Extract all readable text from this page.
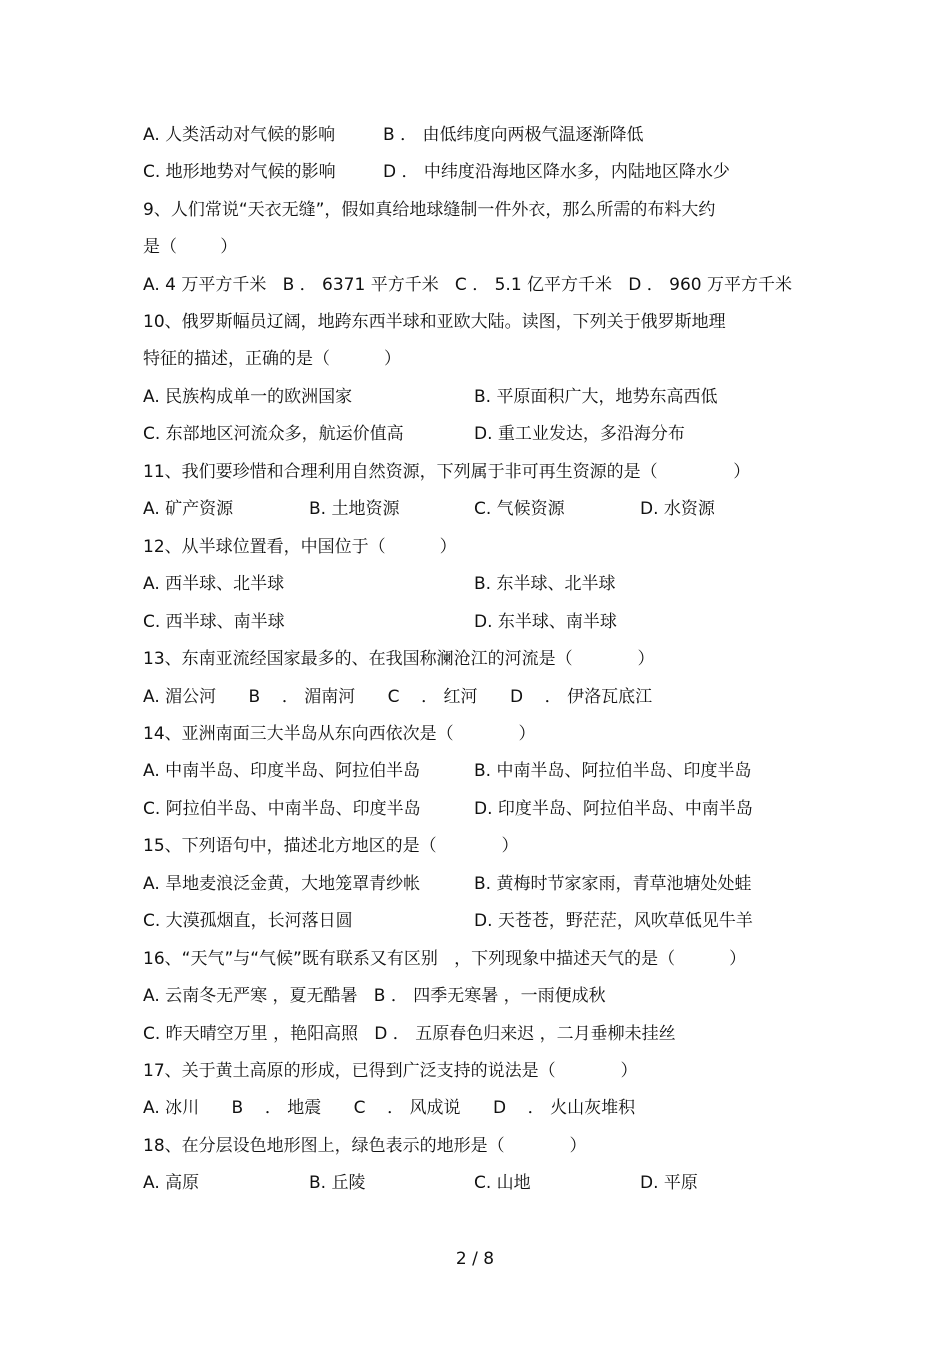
A. 人类活动对气候的影响	B ． 由低纬度向两极气温逐渐降低
C. 地形地势对气候的影响	D ． 中纬度沿海地区降水多，内陆地区降水少
9、人们常说“天衣无缝”，假如真给地球缝制一件外衣，那么所需的布料大约
是（        ）
A. 4 万平方千米   B ． 6371 平方千米   C ． 5.1 亿平方千米   D ． 960 万平方千米
10、俄罗斯幅员辽阔，地跨东西半球和亚欧大陆。读图，下列关于俄罗斯地理
特征的描述，正确的是（          ）
A. 民族构成单一的欧洲国家	B. 平原面积广大，地势东高西低
C. 东部地区河流众多，航运价值高	D. 重工业发达，多沿海分布
11、我们要珍惜和合理利用自然资源，下列属于非可再生资源的是（              ）
A. 矿产资源	B. 土地资源	C. 气候资源	D. 水资源
12、从半球位置看，中国位于（          ）
A. 西半球、北半球	B. 东半球、北半球
C. 西半球、南半球	D. 东半球、南半球
13、东南亚流经国家最多的、在我国称澜沧江的河流是（            ）
A. 湄公河      B    ． 湄南河      C    ． 红河      D    ． 伊洛瓦底江
14、亚洲南面三大半岛从东向西依次是（            ）
A. 中南半岛、印度半岛、阿拉伯半岛	B. 中南半岛、阿拉伯半岛、印度半岛
C. 阿拉伯半岛、中南半岛、印度半岛	D. 印度半岛、阿拉伯半岛、中南半岛
15、下列语句中，描述北方地区的是（            ）
A. 旱地麦浪泛金黄，大地笼罩青纱帐	B. 黄梅时节家家雨，青草池塘处处蛙
C. 大漠孤烟直，长河落日圆	D. 天苍苍，野茫茫，风吹草低见牛羊
16、“天气”与“气候”既有联系又有区别   ，下列现象中描述天气的是（          ）
A. 云南冬无严寒 ，夏无酷暑   B ． 四季无寒暑 ，一雨便成秋
C. 昨天晴空万里 ，艳阳高照   D ． 五原春色归来迟 ，二月垂柳未挂丝
17、关于黄土高原的形成，已得到广泛支持的说法是（            ）
A. 冰川      B    ． 地震      C    ． 风成说      D    ． 火山灰堆积
18、在分层设色地形图上，绿色表示的地形是（            ）
A. 高原	B. 丘陵	C. 山地	D. 平原
2 / 8
